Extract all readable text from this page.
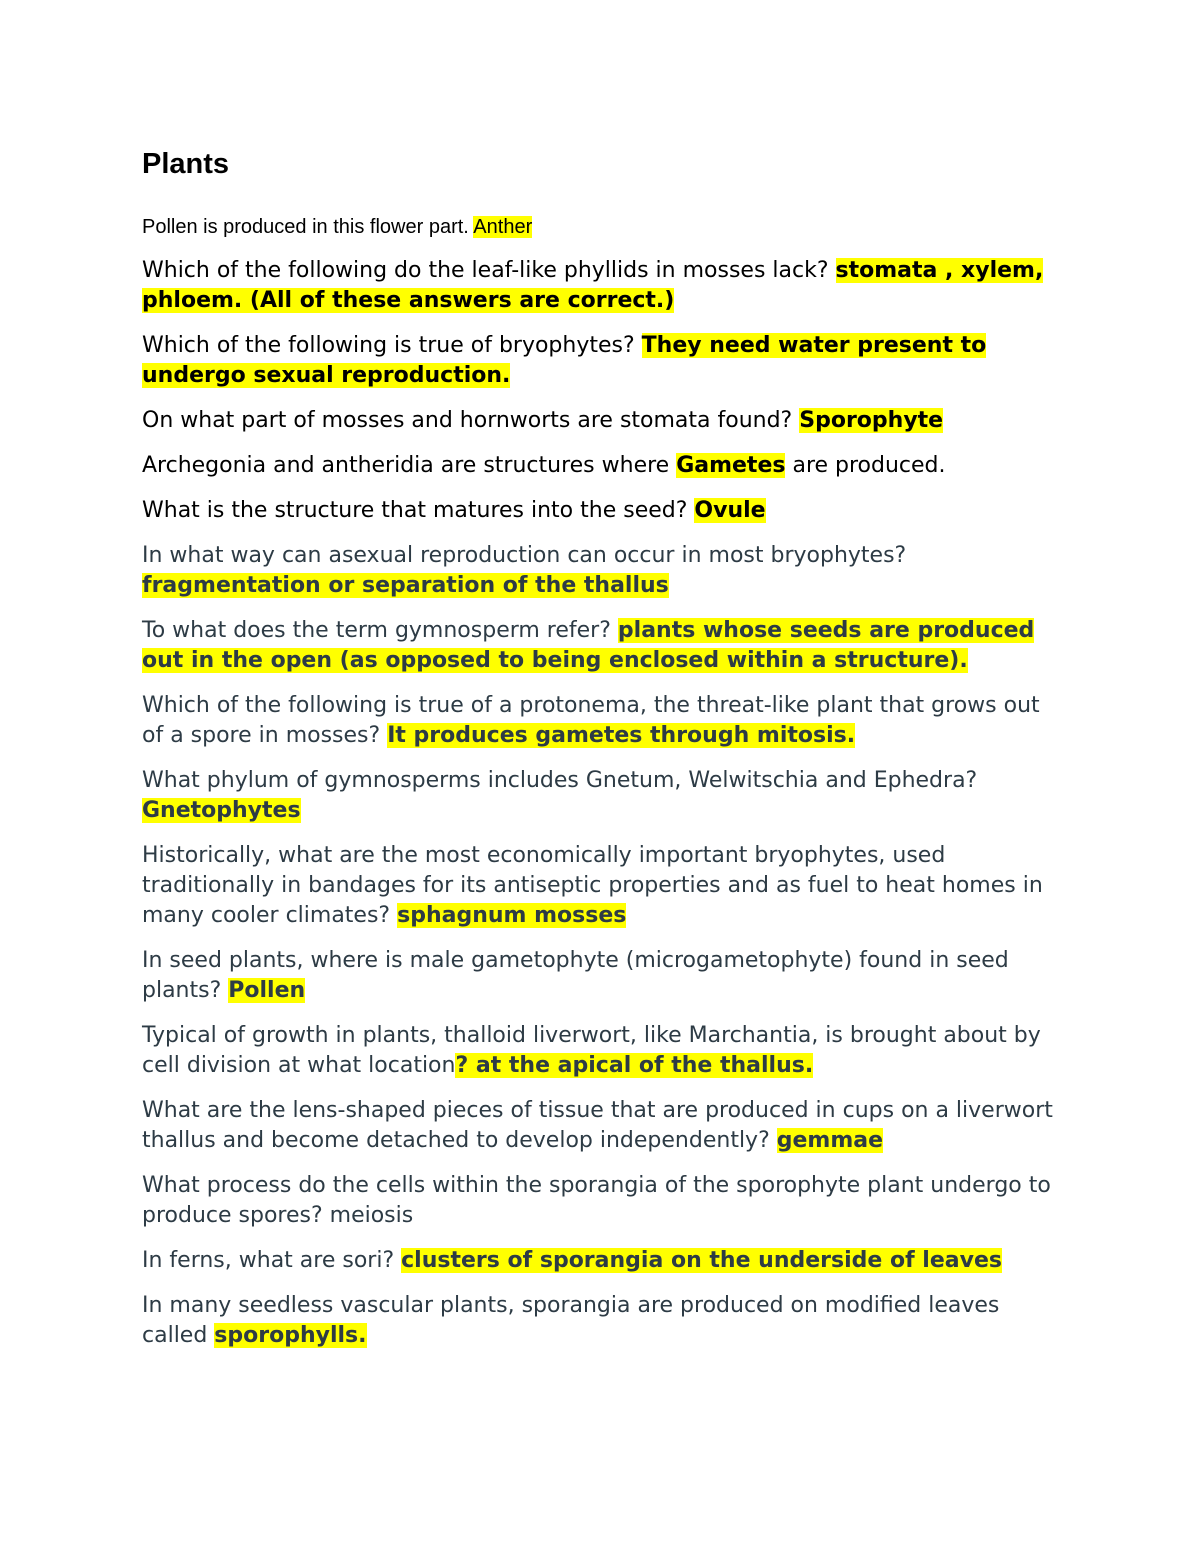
Plants

Pollen is produced in this flower part. Anther

Which of the following do the leaf-like phyllids in mosses lack? stomata , xylem, phloem. (All of these answers are correct.)

Which of the following is true of bryophytes? They need water present to undergo sexual reproduction.

On what part of mosses and hornworts are stomata found? Sporophyte

Archegonia and antheridia are structures where Gametes are produced.

What is the structure that matures into the seed? Ovule

In what way can asexual reproduction can occur in most bryophytes? fragmentation or separation of the thallus

To what does the term gymnosperm refer? plants whose seeds are produced out in the open (as opposed to being enclosed within a structure).

Which of the following is true of a protonema, the threat-like plant that grows out of a spore in mosses? It produces gametes through mitosis.

What phylum of gymnosperms includes Gnetum, Welwitschia and Ephedra? Gnetophytes

Historically, what are the most economically important bryophytes, used traditionally in bandages for its antiseptic properties and as fuel to heat homes in many cooler climates? sphagnum mosses

In seed plants, where is male gametophyte (microgametophyte) found in seed plants? Pollen

Typical of growth in plants, thalloid liverwort, like Marchantia, is brought about by cell division at what location? at the apical of the thallus.

What are the lens-shaped pieces of tissue that are produced in cups on a liverwort thallus and become detached to develop independently? gemmae

What process do the cells within the sporangia of the sporophyte plant undergo to produce spores? meiosis

In ferns, what are sori? clusters of sporangia on the underside of leaves

In many seedless vascular plants, sporangia are produced on modified leaves called sporophylls.
